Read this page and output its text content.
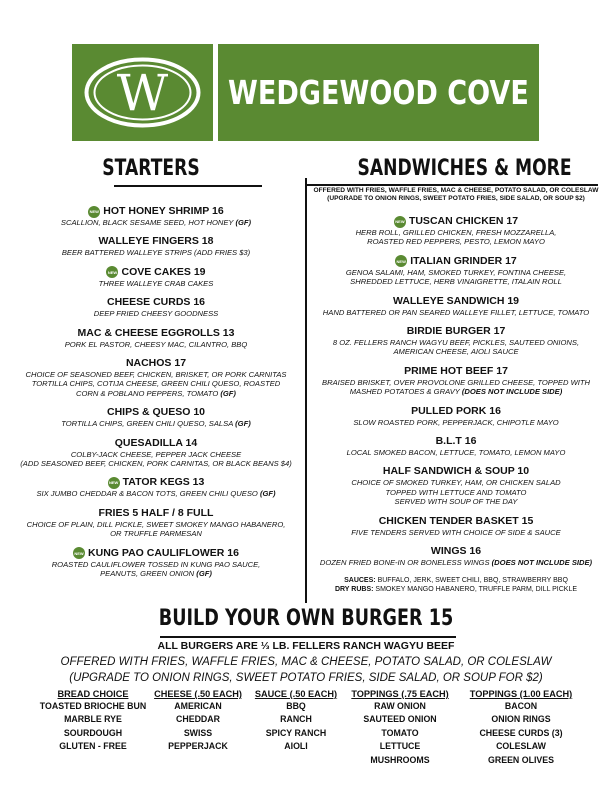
W WEDGEWOOD COVE
STARTERS	SANDWICHES & MORE
NEW HOT HONEY SHRIMP 16
SCALLION, BLACK SESAME SEED, HOT HONEY (GF)
WALLEYE FINGERS 18
BEER BATTERED WALLEYE STRIPS (ADD FRIES $3)
NEW COVE CAKES 19
THREE WALLEYE CRAB CAKES
CHEESE CURDS 16
DEEP FRIED CHEESY GOODNESS
MAC & CHEESE EGGROLLS 13
PORK EL PASTOR, CHEESY MAC, CILANTRO, BBQ
NACHOS 17
CHOICE OF SEASONED BEEF, CHICKEN, BRISKET, OR PORK CARNITAS
TORTILLA CHIPS, COTIJA CHEESE, GREEN CHILI QUESO, ROASTED
CORN & POBLANO PEPPERS, TOMATO (GF)
CHIPS & QUESO 10
TORTILLA CHIPS, GREEN CHILI QUESO, SALSA (GF)
QUESADILLA 14
COLBY-JACK CHEESE, PEPPER JACK CHEESE
(ADD SEASONED BEEF, CHICKEN, PORK CARNITAS, OR BLACK BEANS $4)
NEW TATOR KEGS 13
SIX JUMBO CHEDDAR & BACON TOTS, GREEN CHILI QUESO (GF)
FRIES 5 HALF / 8 FULL
CHOICE OF PLAIN, DILL PICKLE, SWEET SMOKEY MANGO HABANERO,
OR TRUFFLE PARMESAN
NEW KUNG PAO CAULIFLOWER 16
ROASTED CAULIFLOWER TOSSED IN KUNG PAO SAUCE,
PEANUTS, GREEN ONION (GF)
OFFERED WITH FRIES, WAFFLE FRIES, MAC & CHEESE, POTATO SALAD, OR COLESLAW
(UPGRADE TO ONION RINGS, SWEET POTATO FRIES, SIDE SALAD, OR SOUP $2)
NEW TUSCAN CHICKEN 17
HERB ROLL, GRILLED CHICKEN, FRESH MOZZARELLA,
ROASTED RED PEPPERS, PESTO, LEMON MAYO
NEW ITALIAN GRINDER 17
GENOA SALAMI, HAM, SMOKED TURKEY, FONTINA CHEESE,
SHREDDED LETTUCE, HERB VINAIGRETTE, ITALAIN ROLL
WALLEYE SANDWICH 19
HAND BATTERED OR PAN SEARED WALLEYE FILLET, LETTUCE, TOMATO
BIRDIE BURGER 17
8 OZ. FELLERS RANCH WAGYU BEEF, PICKLES, SAUTEED ONIONS,
AMERICAN CHEESE, AIOLI SAUCE
PRIME HOT BEEF 17
BRAISED BRISKET, OVER PROVOLONE GRILLED CHEESE, TOPPED WITH
MASHED POTATOES & GRAVY (DOES NOT INCLUDE SIDE)
PULLED PORK 16
SLOW ROASTED PORK, PEPPERJACK, CHIPOTLE MAYO
B.L.T 16
LOCAL SMOKED BACON, LETTUCE, TOMATO, LEMON MAYO
HALF SANDWICH & SOUP 10
CHOICE OF SMOKED TURKEY, HAM, OR CHICKEN SALAD
TOPPED WITH LETTUCE AND TOMATO
SERVED WITH SOUP OF THE DAY
CHICKEN TENDER BASKET 15
FIVE TENDERS SERVED WITH CHOICE OF SIDE & SAUCE
WINGS 16
DOZEN FRIED BONE-IN OR BONELESS WINGS (DOES NOT INCLUDE SIDE)
SAUCES: BUFFALO, JERK, SWEET CHILI, BBQ, STRAWBERRY BBQ
DRY RUBS: SMOKEY MANGO HABANERO, TRUFFLE PARM, DILL PICKLE
BUILD YOUR OWN BURGER 15
ALL BURGERS ARE ⅓ LB. FELLERS RANCH WAGYU BEEF
OFFERED WITH FRIES, WAFFLE FRIES, MAC & CHEESE, POTATO SALAD, OR COLESLAW
(UPGRADE TO ONION RINGS, SWEET POTATO FRIES, SIDE SALAD, OR SOUP FOR $2)
BREAD CHOICE
TOASTED BRIOCHE BUN
MARBLE RYE
SOURDOUGH
GLUTEN - FREE
CHEESE (.50 EACH)
AMERICAN
CHEDDAR
SWISS
PEPPERJACK
SAUCE (.50 EACH)
BBQ
RANCH
SPICY RANCH
AIOLI
TOPPINGS (.75 EACH)
RAW ONION
SAUTEED ONION
TOMATO
LETTUCE
MUSHROOMS
TOPPINGS (1.00 EACH)
BACON
ONION RINGS
CHEESE CURDS (3)
COLESLAW
GREEN OLIVES
